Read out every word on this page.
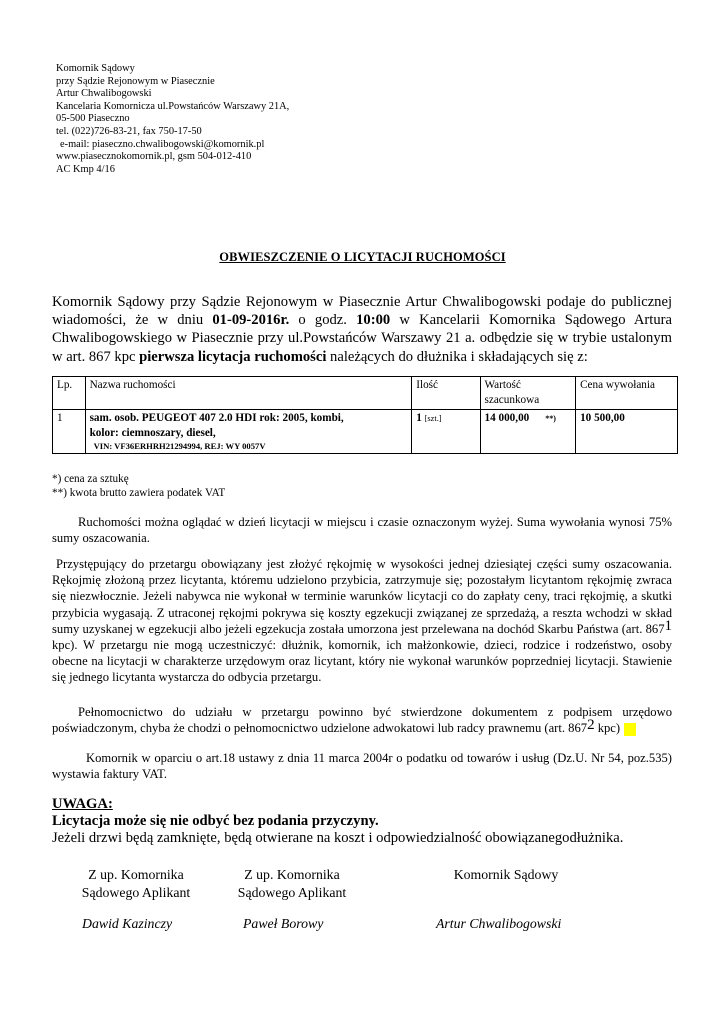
Komornik Sądowy
przy Sądzie Rejonowym w Piasecznie
Artur Chwalibogowski
Kancelaria Komornicza ul.Powstańców Warszawy 21A,
05-500 Piaseczno
tel. (022)726-83-21, fax 750-17-50
e-mail: piaseczno.chwalibogowski@komornik.pl
www.piasecznokomornik.pl, gsm 504-012-410
AC Kmp 4/16
OBWIESZCZENIE O LICYTACJI RUCHOMOŚCI
Komornik Sądowy przy Sądzie Rejonowym w Piasecznie Artur Chwalibogowski podaje do publicznej wiadomości, że w dniu 01-09-2016r. o godz. 10:00 w Kancelarii Komornika Sądowego Artura Chwalibogowskiego w Piasecznie przy ul.Powstańców Warszawy 21 a. odbędzie się w trybie ustalonym w art. 867 kpc pierwsza licytacja ruchomości należących do dłużnika i składających się z:
Lp.	Nazwa ruchomości	Ilość	Wartość szacunkowa	Cena wywołania
1	sam. osob. PEUGEOT 407 2.0 HDI rok: 2005, kombi,
kolor: ciemnoszary, diesel,
VIN: VF36ERHRH21294994, REJ: WY 0057V	1 [szt.]	14 000,00 **)	10 500,00
*) cena za sztukę
**) kwota brutto zawiera podatek VAT
Ruchomości można oglądać w dzień licytacji w miejscu i czasie oznaczonym wyżej. Suma wywołania wynosi 75% sumy oszacowania.
Przystępujący do przetargu obowiązany jest złożyć rękojmię w wysokości jednej dziesiątej części sumy oszacowania. Rękojmię złożoną przez licytanta, któremu udzielono przybicia, zatrzymuje się; pozostałym licytantom rękojmię zwraca się niezwłocznie. Jeżeli nabywca nie wykonał w terminie warunków licytacji co do zapłaty ceny, traci rękojmię, a skutki przybicia wygasają. Z utraconej rękojmi pokrywa się koszty egzekucji związanej ze sprzedażą, a reszta wchodzi w skład sumy uzyskanej w egzekucji albo jeżeli egzekucja została umorzona jest przelewana na dochód Skarbu Państwa (art. 8671 kpc). W przetargu nie mogą uczestniczyć: dłużnik, komornik, ich małżonkowie, dzieci, rodzice i rodzeństwo, osoby obecne na licytacji w charakterze urzędowym oraz licytant, który nie wykonał warunków poprzedniej licytacji. Stawienie się jednego licytanta wystarcza do odbycia przetargu.
Pełnomocnictwo do udziału w przetargu powinno być stwierdzone dokumentem z podpisem urzędowo poświadczonym, chyba że chodzi o pełnomocnictwo udzielone adwokatowi lub radcy prawnemu (art. 8672 kpc)
Komornik w oparciu o art.18 ustawy z dnia 11 marca 2004r o podatku od towarów i usług (Dz.U. Nr 54, poz.535) wystawia faktury VAT.
UWAGA:
Licytacja może się nie odbyć bez podania przyczyny.
Jeżeli drzwi będą zamknięte, będą otwierane na koszt i odpowiedzialność obowiązanegodłużnika.
Z up. Komornika
Sądowego Aplikant
Z up. Komornika
Sądowego Aplikant
Komornik Sądowy
Dawid Kazinczy	Paweł Borowy	Artur Chwalibogowski
